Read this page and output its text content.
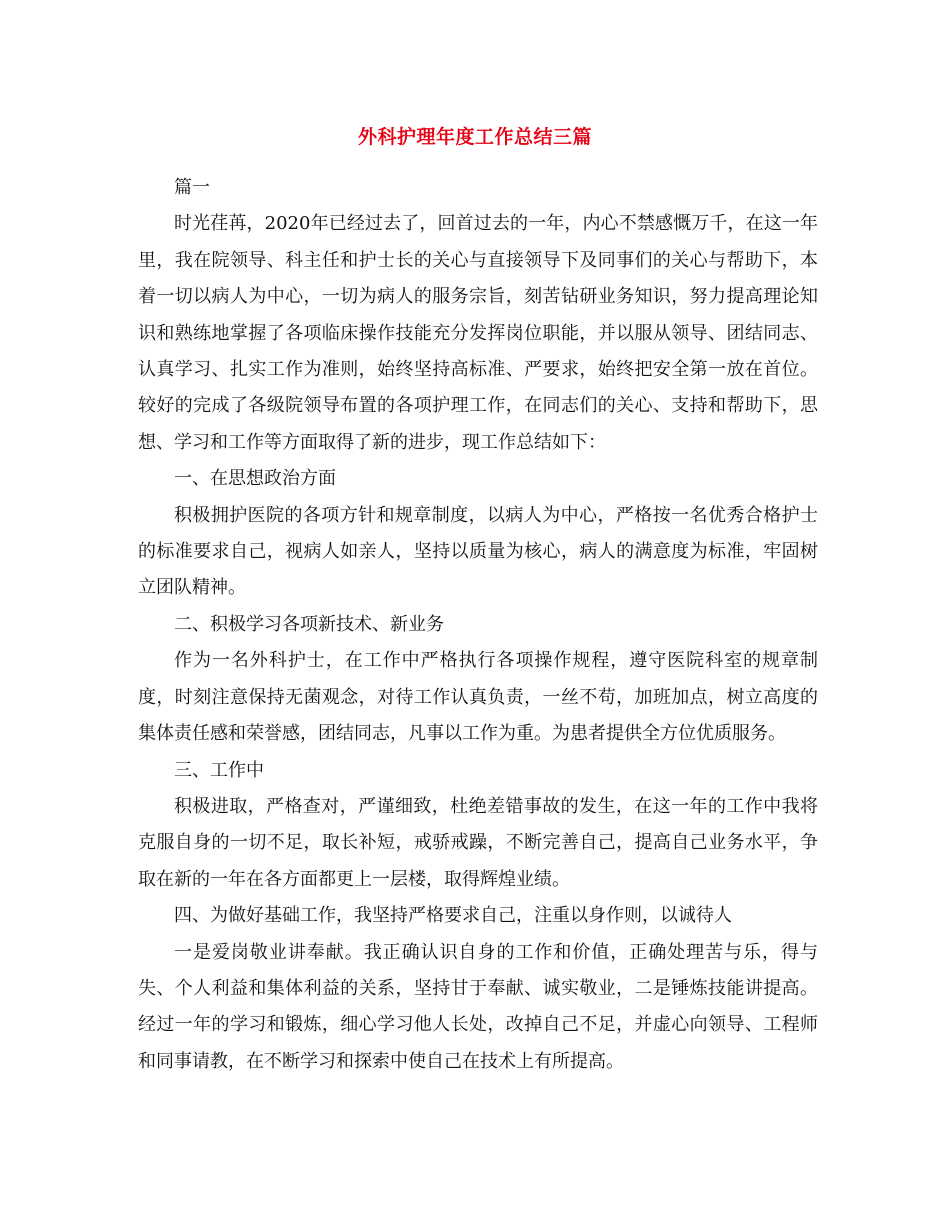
外科护理年度工作总结三篇

篇一

时光荏苒，2020年已经过去了，回首过去的一年，内心不禁感慨万千，在这一年里，我在院领导、科主任和护士长的关心与直接领导下及同事们的关心与帮助下，本着一切以病人为中心，一切为病人的服务宗旨，刻苦钻研业务知识，努力提高理论知识和熟练地掌握了各项临床操作技能充分发挥岗位职能，并以服从领导、团结同志、认真学习、扎实工作为准则，始终坚持高标准、严要求，始终把安全第一放在首位。较好的完成了各级院领导布置的各项护理工作，在同志们的关心、支持和帮助下，思想、学习和工作等方面取得了新的进步，现工作总结如下：

一、在思想政治方面

积极拥护医院的各项方针和规章制度，以病人为中心，严格按一名优秀合格护士的标准要求自己，视病人如亲人，坚持以质量为核心，病人的满意度为标准，牢固树立团队精神。

二、积极学习各项新技术、新业务

作为一名外科护士，在工作中严格执行各项操作规程，遵守医院科室的规章制度，时刻注意保持无菌观念，对待工作认真负责，一丝不苟，加班加点，树立高度的集体责任感和荣誉感，团结同志，凡事以工作为重。为患者提供全方位优质服务。

三、工作中

积极进取，严格查对，严谨细致，杜绝差错事故的发生，在这一年的工作中我将克服自身的一切不足，取长补短，戒骄戒躁，不断完善自己，提高自己业务水平，争取在新的一年在各方面都更上一层楼，取得辉煌业绩。

四、为做好基础工作，我坚持严格要求自己，注重以身作则，以诚待人

一是爱岗敬业讲奉献。我正确认识自身的工作和价值，正确处理苦与乐，得与失、个人利益和集体利益的关系，坚持甘于奉献、诚实敬业，二是锤炼技能讲提高。经过一年的学习和锻炼，细心学习他人长处，改掉自己不足，并虚心向领导、工程师和同事请教，在不断学习和探索中使自己在技术上有所提高。
